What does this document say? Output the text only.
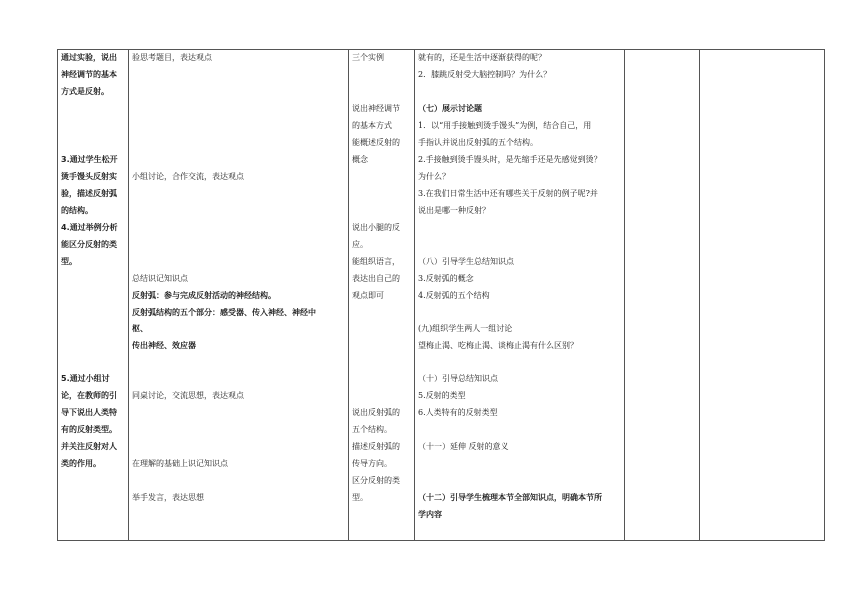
通过实验，说出
神经调节的基本
方式是反射。
3.通过学生松开
烫手馒头反射实
验，描述反射弧
的结构。
4.通过举例分析
能区分反射的类
型。
5.通过小组讨
论，在教师的引
导下说出人类特
有的反射类型。
并关注反射对人
类的作用。

验思考题目，表达观点
小组讨论，合作交流，表达观点
总结识记知识点
反射弧：参与完成反射活动的神经结构。
反射弧结构的五个部分：感受器、传入神经、神经中
枢、
传出神经、效应器
同桌讨论，交流思想，表达观点
在理解的基础上识记知识点
举手发言，表达思想

三个实例
说出神经调节
的基本方式
能概述反射的
概念
说出小腿的反
应。
能组织语言，
表达出自己的
观点即可
说出反射弧的
五个结构。
描述反射弧的
传导方向。
区分反射的类
型。

就有的，还是生活中逐渐获得的呢？
2．膝跳反射受大脑控制吗？为什么？
（七）展示讨论题
1．以“用手接触到烫手馒头”为例，结合自己，用
手指认并说出反射弧的五个结构。
2.手接触到烫手馒头时，是先缩手还是先感觉到烫？
为什么？
3.在我们日常生活中还有哪些关于反射的例子呢?并
说出是哪一种反射？
（八）引导学生总结知识点
3.反射弧的概念
4.反射弧的五个结构
(九)组织学生两人一组讨论
望梅止渴、吃梅止渴、谈梅止渴有什么区别？
（十）引导总结知识点
5.反射的类型
6.人类特有的反射类型
（十一）延伸 反射的意义
（十二）引导学生梳理本节全部知识点，明确本节所
学内容
